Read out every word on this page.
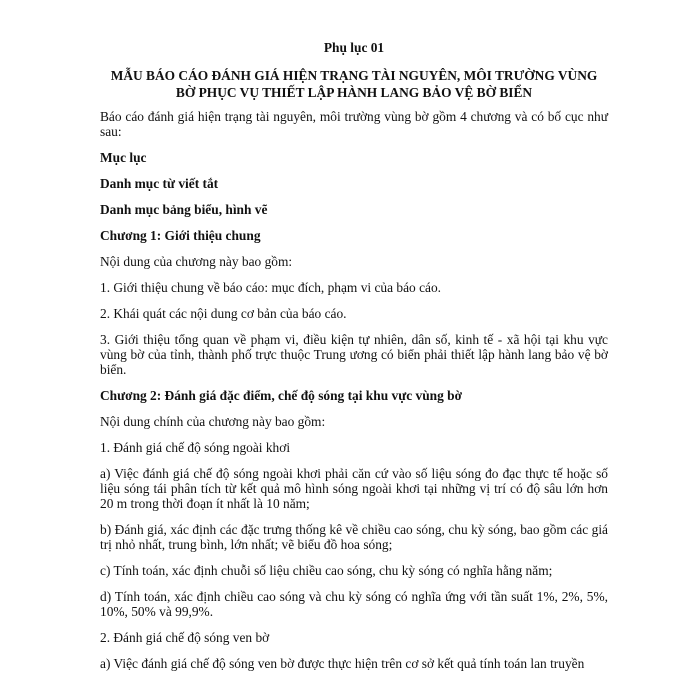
Phụ lục 01

MẪU BÁO CÁO ĐÁNH GIÁ HIỆN TRẠNG TÀI NGUYÊN, MÔI TRƯỜNG VÙNG
BỜ PHỤC VỤ THIẾT LẬP HÀNH LANG BẢO VỆ BỜ BIỂN

Báo cáo đánh giá hiện trạng tài nguyên, môi trường vùng bờ gồm 4 chương và có bố cục như sau:

Mục lục

Danh mục từ viết tắt

Danh mục bảng biểu, hình vẽ

Chương 1: Giới thiệu chung

Nội dung của chương này bao gồm:

1. Giới thiệu chung về báo cáo: mục đích, phạm vi của báo cáo.

2. Khái quát các nội dung cơ bản của báo cáo.

3. Giới thiệu tổng quan về phạm vi, điều kiện tự nhiên, dân số, kinh tế - xã hội tại khu vực vùng bờ của tỉnh, thành phố trực thuộc Trung ương có biển phải thiết lập hành lang bảo vệ bờ biển.

Chương 2: Đánh giá đặc điểm, chế độ sóng tại khu vực vùng bờ

Nội dung chính của chương này bao gồm:

1. Đánh giá chế độ sóng ngoài khơi

a) Việc đánh giá chế độ sóng ngoài khơi phải căn cứ vào số liệu sóng đo đạc thực tế hoặc số liệu sóng tái phân tích từ kết quả mô hình sóng ngoài khơi tại những vị trí có độ sâu lớn hơn 20 m trong thời đoạn ít nhất là 10 năm;

b) Đánh giá, xác định các đặc trưng thống kê về chiều cao sóng, chu kỳ sóng, bao gồm các giá trị nhỏ nhất, trung bình, lớn nhất; vẽ biểu đồ hoa sóng;

c) Tính toán, xác định chuỗi số liệu chiều cao sóng, chu kỳ sóng có nghĩa hằng năm;

d) Tính toán, xác định chiều cao sóng và chu kỳ sóng có nghĩa ứng với tần suất 1%, 2%, 5%, 10%, 50% và 99,9%.

2. Đánh giá chế độ sóng ven bờ

a) Việc đánh giá chế độ sóng ven bờ được thực hiện trên cơ sở kết quả tính toán lan truyền
